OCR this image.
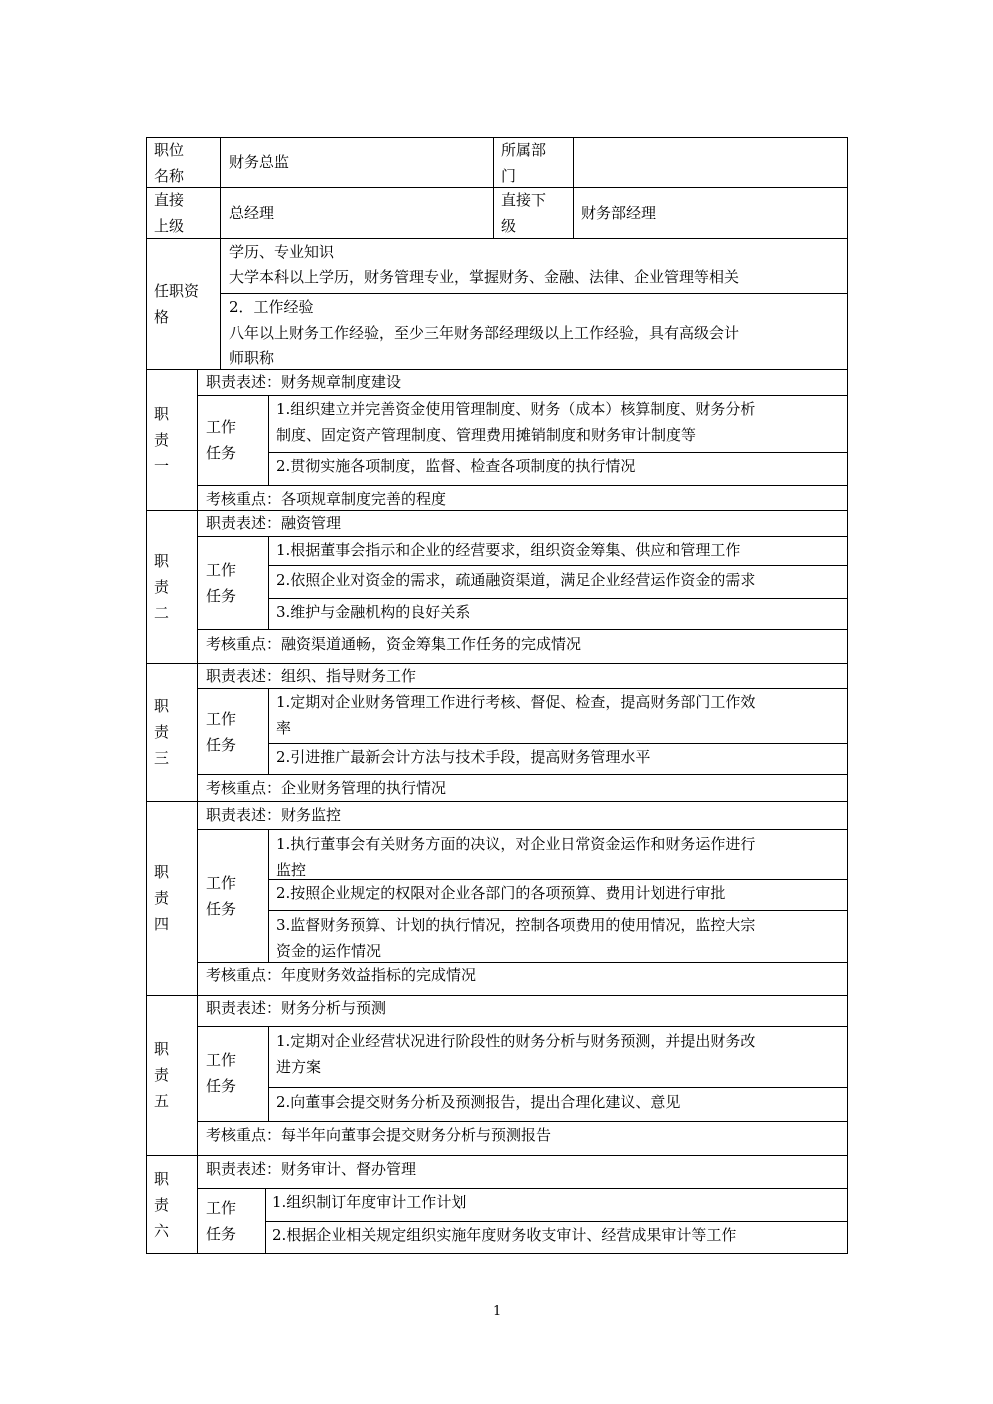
职位名称
财务总监
所属部门
直接上级
总经理
直接下级
财务部经理
任职资格
学历、专业知识
大学本科以上学历，财务管理专业，掌握财务、金融、法律、企业管理等相关
2．工作经验
八年以上财务工作经验，至少三年财务部经理级以上工作经验，具有高级会计
师职称
职责一
职责表述：财务规章制度建设
工作任务
1.组织建立并完善资金使用管理制度、财务（成本）核算制度、财务分析
制度、固定资产管理制度、管理费用摊销制度和财务审计制度等
2.贯彻实施各项制度，监督、检查各项制度的执行情况
考核重点：各项规章制度完善的程度
职责二
职责表述：融资管理
工作任务
1.根据董事会指示和企业的经营要求，组织资金筹集、供应和管理工作
2.依照企业对资金的需求，疏通融资渠道，满足企业经营运作资金的需求
3.维护与金融机构的良好关系
考核重点：融资渠道通畅，资金筹集工作任务的完成情况
职责三
职责表述：组织、指导财务工作
工作任务
1.定期对企业财务管理工作进行考核、督促、检查，提高财务部门工作效
率
2.引进推广最新会计方法与技术手段，提高财务管理水平
考核重点：企业财务管理的执行情况
职责四
职责表述：财务监控
工作任务
1.执行董事会有关财务方面的决议，对企业日常资金运作和财务运作进行
监控
2.按照企业规定的权限对企业各部门的各项预算、费用计划进行审批
3.监督财务预算、计划的执行情况，控制各项费用的使用情况，监控大宗
资金的运作情况
考核重点：年度财务效益指标的完成情况
职责五
职责表述：财务分析与预测
工作任务
1.定期对企业经营状况进行阶段性的财务分析与财务预测，并提出财务改
进方案
2.向董事会提交财务分析及预测报告，提出合理化建议、意见
考核重点：每半年向董事会提交财务分析与预测报告
职责六
职责表述：财务审计、督办管理
工作任务
1.组织制订年度审计工作计划
2.根据企业相关规定组织实施年度财务收支审计、经营成果审计等工作
1
